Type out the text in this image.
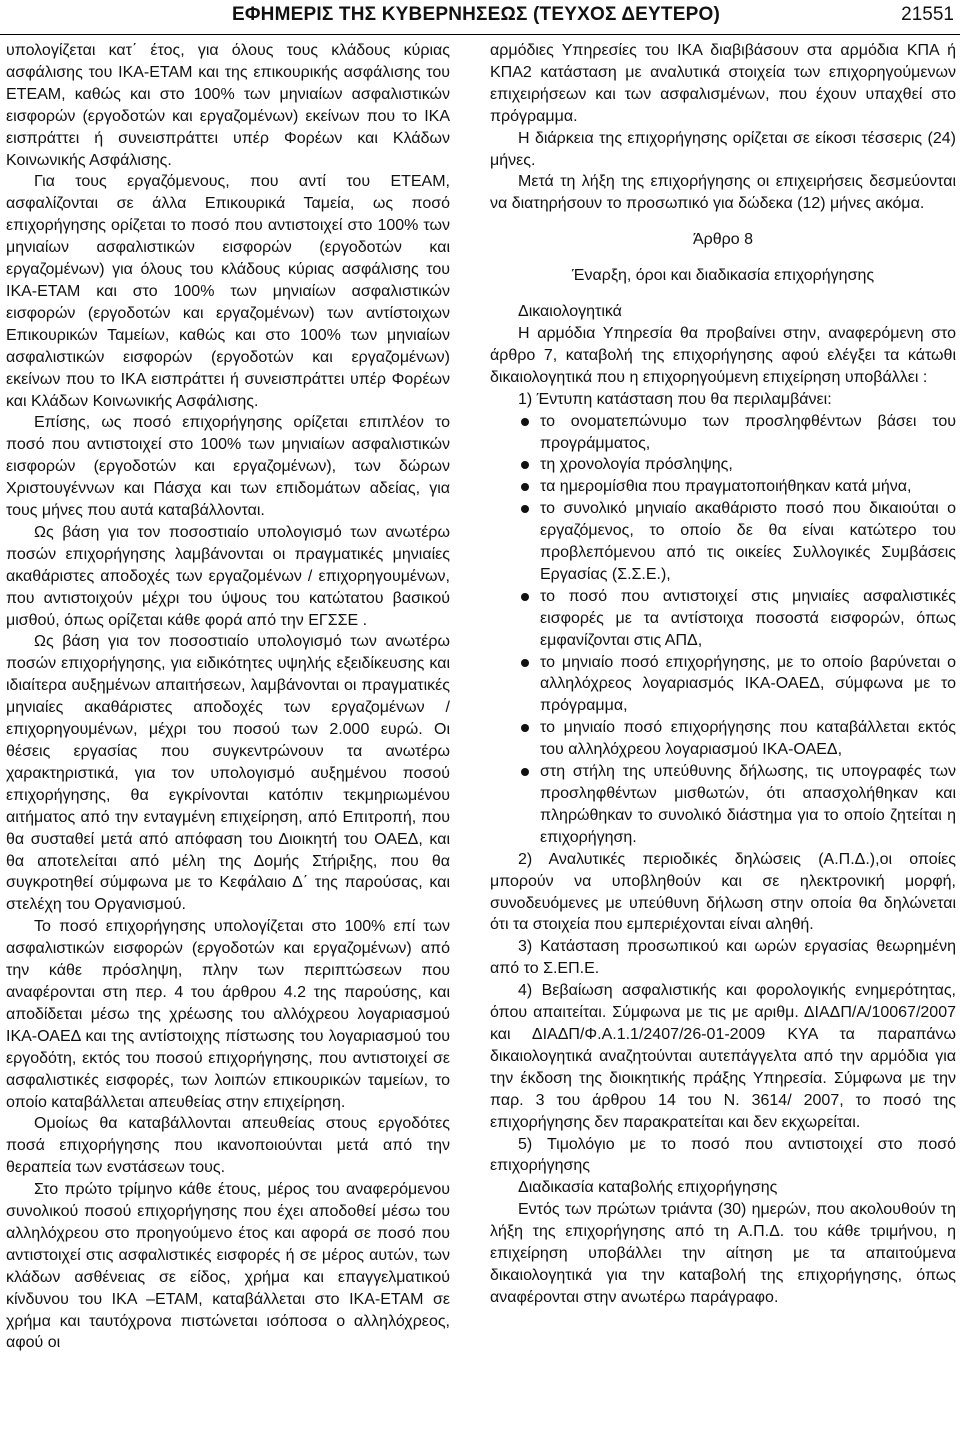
ΕΦΗΜΕΡΙΣ ΤΗΣ ΚΥΒΕΡΝΗΣΕΩΣ (ΤΕΥΧΟΣ ΔΕΥΤΕΡΟ)	21551

υπολογίζεται κατ΄ έτος, για όλους τους κλάδους κύριας ασφάλισης του ΙΚΑ-ΕΤΑΜ και της επικουρικής ασφάλισης του ΕΤΕΑΜ, καθώς και στο 100% των μηνιαίων ασφαλιστικών εισφορών (εργοδοτών και εργαζομένων) εκείνων που το ΙΚΑ εισπράττει ή συνεισπράττει υπέρ Φορέων και Κλάδων Κοινωνικής Ασφάλισης.

Για τους εργαζόμενους, που αντί του ΕΤΕΑΜ, ασφαλίζονται σε άλλα Επικουρικά Ταμεία, ως ποσό επιχορήγησης ορίζεται το ποσό που αντιστοιχεί στο 100% των μηνιαίων ασφαλιστικών εισφορών (εργοδοτών και εργαζομένων) για όλους του κλάδους κύριας ασφάλισης του ΙΚΑ-ΕΤΑΜ και στο 100% των μηνιαίων ασφαλιστικών εισφορών (εργοδοτών και εργαζομένων) των αντίστοιχων Επικουρικών Ταμείων, καθώς και στο 100% των μηνιαίων ασφαλιστικών εισφορών (εργοδοτών και εργαζομένων) εκείνων που το ΙΚΑ εισπράττει ή συνεισπράττει υπέρ Φορέων και Κλάδων Κοινωνικής Ασφάλισης.

Επίσης, ως ποσό επιχορήγησης ορίζεται επιπλέον το ποσό που αντιστοιχεί στο 100% των μηνιαίων ασφαλιστικών εισφορών (εργοδοτών και εργαζομένων), των δώρων Χριστουγέννων και Πάσχα και των επιδομάτων αδείας, για τους μήνες που αυτά καταβάλλονται.

Ως βάση για τον ποσοστιαίο υπολογισμό των ανωτέρω ποσών επιχορήγησης λαμβάνονται οι πραγματικές μηνιαίες ακαθάριστες αποδοχές των εργαζομένων / επιχορηγουμένων, που αντιστοιχούν μέχρι του ύψους του κατώτατου βασικού μισθού, όπως ορίζεται κάθε φορά από την ΕΓΣΣΕ .

Ως βάση για τον ποσοστιαίο υπολογισμό των ανωτέρω ποσών επιχορήγησης, για ειδικότητες υψηλής εξειδίκευσης και ιδιαίτερα αυξημένων απαιτήσεων, λαμβάνονται οι πραγματικές μηνιαίες ακαθάριστες αποδοχές των εργαζομένων / επιχορηγουμένων, μέχρι του ποσού των 2.000 ευρώ. Οι θέσεις εργασίας που συγκεντρώνουν τα ανωτέρω χαρακτηριστικά, για τον υπολογισμό αυξημένου ποσού επιχορήγησης, θα εγκρίνονται κατόπιν τεκμηριωμένου αιτήματος από την ενταγμένη επιχείρηση, από Επιτροπή, που θα συσταθεί μετά από απόφαση του Διοικητή του ΟΑΕΔ, και θα αποτελείται από μέλη της Δομής Στήριξης, που θα συγκροτηθεί σύμφωνα με το Κεφάλαιο Δ΄ της παρούσας, και στελέχη του Οργανισμού.

Το ποσό επιχορήγησης υπολογίζεται στο 100% επί των ασφαλιστικών εισφορών (εργοδοτών και εργαζομένων) από την κάθε πρόσληψη, πλην των περιπτώσεων που αναφέρονται στη περ. 4 του άρθρου 4.2 της παρούσης, και αποδίδεται μέσω της χρέωσης του αλλόχρεου λογαριασμού ΙΚΑ-ΟΑΕΔ και της αντίστοιχης πίστωσης του λογαριασμού του εργοδότη, εκτός του ποσού επιχορήγησης, που αντιστοιχεί σε ασφαλιστικές εισφορές, των λοιπών επικουρικών ταμείων, το οποίο καταβάλλεται απευθείας στην επιχείρηση.

Ομοίως θα καταβάλλονται απευθείας στους εργοδότες ποσά επιχορήγησης που ικανοποιούνται μετά από την θεραπεία των ενστάσεων τους.

Στο πρώτο τρίμηνο κάθε έτους, μέρος του αναφερόμενου συνολικού ποσού επιχορήγησης που έχει αποδοθεί μέσω του αλληλόχρεου στο προηγούμενο έτος και αφορά σε ποσό που αντιστοιχεί στις ασφαλιστικές εισφορές ή σε μέρος αυτών, των κλάδων ασθένειας σε είδος, χρήμα και επαγγελματικού κίνδυνου του ΙΚΑ –ΕΤΑΜ, καταβάλλεται στο ΙΚΑ-ΕΤΑΜ σε χρήμα και ταυτόχρονα πιστώνεται ισόποσα ο αλληλόχρεος, αφού οι

αρμόδιες Υπηρεσίες του ΙΚΑ διαβιβάσουν στα αρμόδια ΚΠΑ ή ΚΠΑ2 κατάσταση με αναλυτικά στοιχεία των επιχορηγούμενων επιχειρήσεων και των ασφαλισμένων, που έχουν υπαχθεί στο πρόγραμμα.

Η διάρκεια της επιχορήγησης ορίζεται σε είκοσι τέσσερις (24) μήνες.

Μετά τη λήξη της επιχορήγησης οι επιχειρήσεις δεσμεύονται να διατηρήσουν το προσωπικό για δώδεκα (12) μήνες ακόμα.

Άρθρο 8

Έναρξη, όροι και διαδικασία επιχορήγησης

Δικαιολογητικά

Η αρμόδια Υπηρεσία θα προβαίνει στην, αναφερόμενη στο άρθρο 7, καταβολή της επιχορήγησης αφού ελέγξει τα κάτωθι δικαιολογητικά που η επιχορηγούμενη επιχείρηση υποβάλλει :

1) Έντυπη κατάσταση που θα περιλαμβάνει:

το ονοματεπώνυμο των προσληφθέντων βάσει του προγράμματος,
τη χρονολογία πρόσληψης,
τα ημερομίσθια που πραγματοποιήθηκαν κατά μήνα,
το συνολικό μηνιαίο ακαθάριστο ποσό που δικαιούται ο εργαζόμενος, το οποίο δε θα είναι κατώτερο του προβλεπόμενου από τις οικείες Συλλογικές Συμβάσεις Εργασίας (Σ.Σ.Ε.),
το ποσό που αντιστοιχεί στις μηνιαίες ασφαλιστικές εισφορές με τα αντίστοιχα ποσοστά εισφορών, όπως εμφανίζονται στις ΑΠΔ,
το μηνιαίο ποσό επιχορήγησης, με το οποίο βαρύνεται ο αλληλόχρεος λογαριασμός ΙΚΑ-ΟΑΕΔ, σύμφωνα με το πρόγραμμα,
το μηνιαίο ποσό επιχορήγησης που καταβάλλεται εκτός του αλληλόχρεου λογαριασμού ΙΚΑ-ΟΑΕΔ,
στη στήλη της υπεύθυνης δήλωσης, τις υπογραφές των προσληφθέντων μισθωτών, ότι απασχολήθηκαν και πληρώθηκαν το συνολικό διάστημα για το οποίο ζητείται η επιχορήγηση.

2) Αναλυτικές περιοδικές δηλώσεις (Α.Π.Δ.),οι οποίες μπορούν να υποβληθούν και σε ηλεκτρονική μορφή, συνοδευόμενες με υπεύθυνη δήλωση στην οποία θα δηλώνεται ότι τα στοιχεία που εμπεριέχονται είναι αληθή.

3) Κατάσταση προσωπικού και ωρών εργασίας θεωρημένη από το Σ.ΕΠ.Ε.

4) Βεβαίωση ασφαλιστικής και φορολογικής ενημερότητας, όπου απαιτείται. Σύμφωνα με τις με αριθμ. ΔΙΑΔΠ/Α/10067/2007 και ΔΙΑΔΠ/Φ.Α.1.1/2407/26-01-2009 ΚΥΑ τα παραπάνω δικαιολογητικά αναζητούνται αυτεπάγγελτα από την αρμόδια για την έκδοση της διοικητικής πράξης Υπηρεσία. Σύμφωνα με την παρ. 3 του άρθρου 14 του Ν. 3614/ 2007, το ποσό της επιχορήγησης δεν παρακρατείται και δεν εκχωρείται.

5) Τιμολόγιο με το ποσό που αντιστοιχεί στο ποσό επιχορήγησης

Διαδικασία καταβολής επιχορήγησης

Εντός των πρώτων τριάντα (30) ημερών, που ακολουθούν τη λήξη της επιχορήγησης από τη Α.Π.Δ. του κάθε τριμήνου, η επιχείρηση υποβάλλει την αίτηση με τα απαιτούμενα δικαιολογητικά για την καταβολή της επιχορήγησης, όπως αναφέρονται στην ανωτέρω παράγραφο.
